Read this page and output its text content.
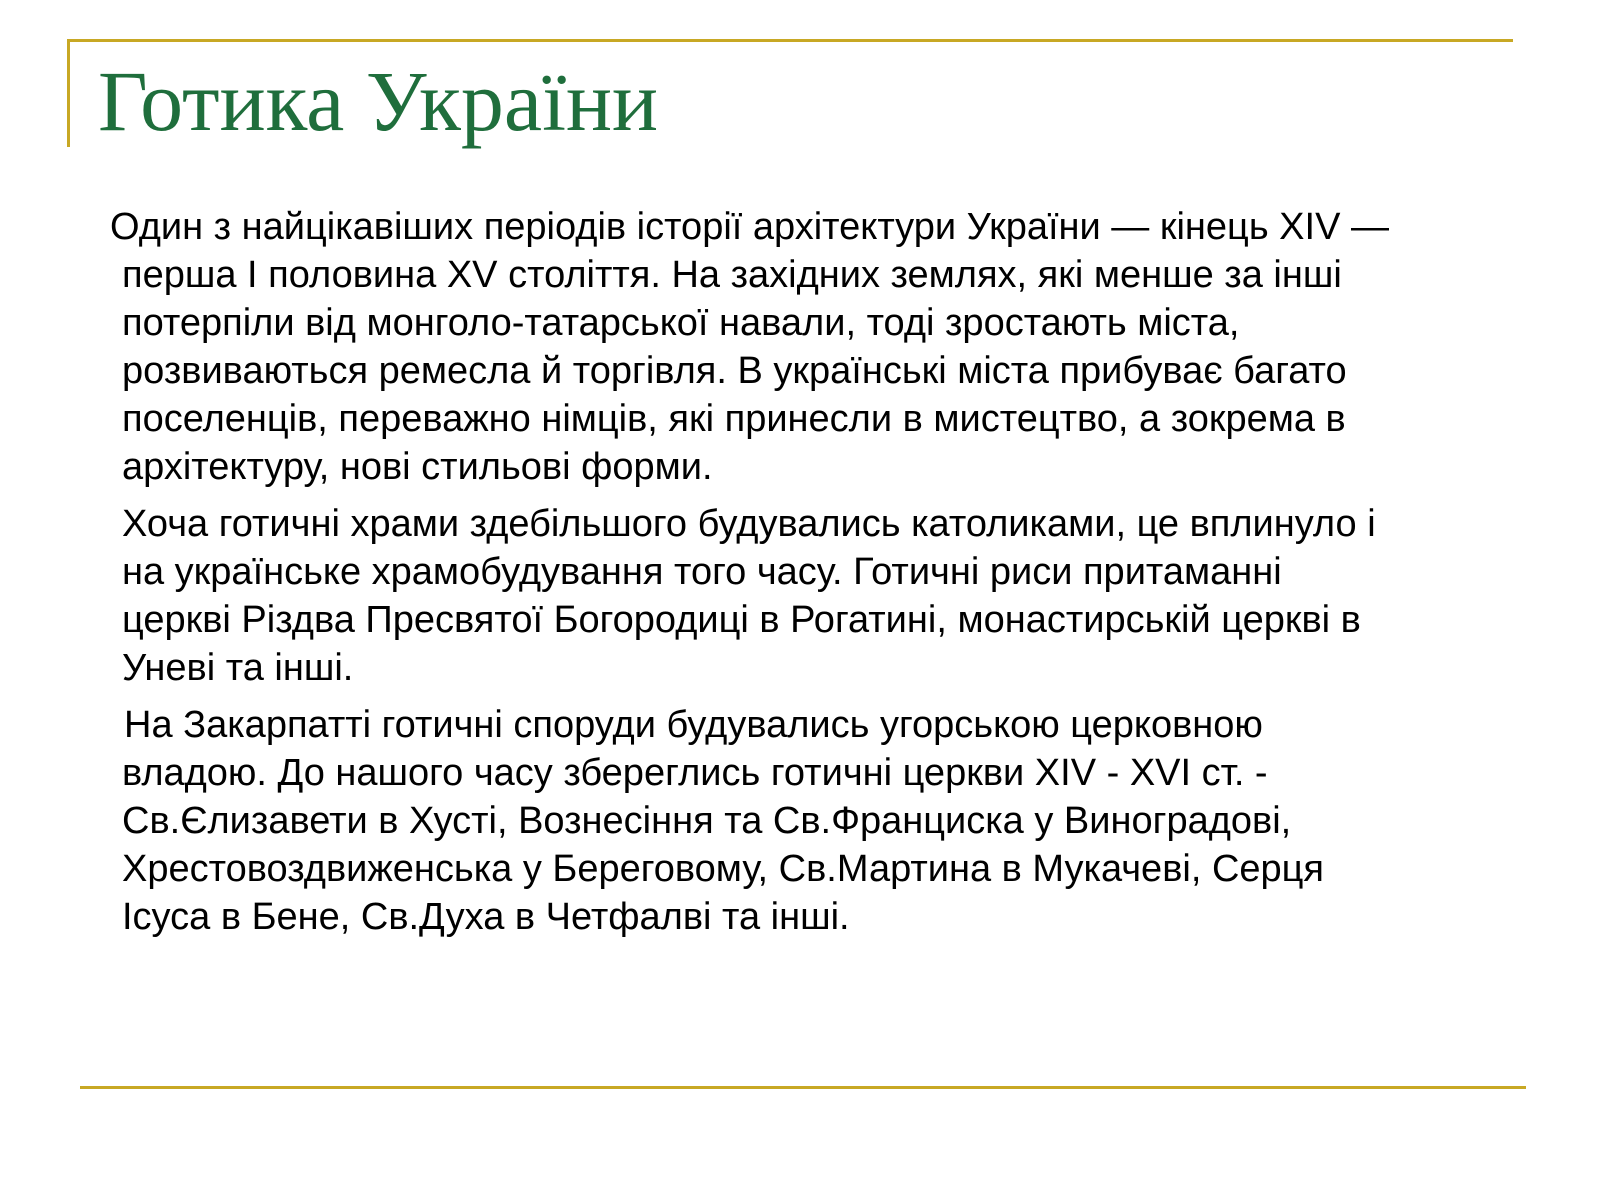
Готика України

Один з найцікавіших періодів історії архітектури України — кінець XIV — перша І половина XV століття. На західних землях, які менше за інші потерпіли від монголо-татарської навали, тоді зростають міста, розвиваються ремесла й торгівля. В українські міста прибуває багато поселенців, переважно німців, які принесли в мистецтво, а зокрема в архітектуру, нові стильові форми.

Хоча готичні храми здебільшого будувались католиками, це вплинуло і на українське храмобудування того часу. Готичні риси притаманні церкві Різдва Пресвятої Богородиці в Рогатині, монастирській церкві в Уневі та інші.

На Закарпатті готичні споруди будувались угорською церковною владою. До нашого часу збереглись готичні церкви XIV - XVI ст. - Св.Єлизавети в Хусті, Вознесіння та Св.Франциска у Виноградові, Хрестовоздвиженська у Береговому, Св.Мартина в Мукачеві, Серця Ісуса в Бене, Св.Духа в Четфалві та інші.
